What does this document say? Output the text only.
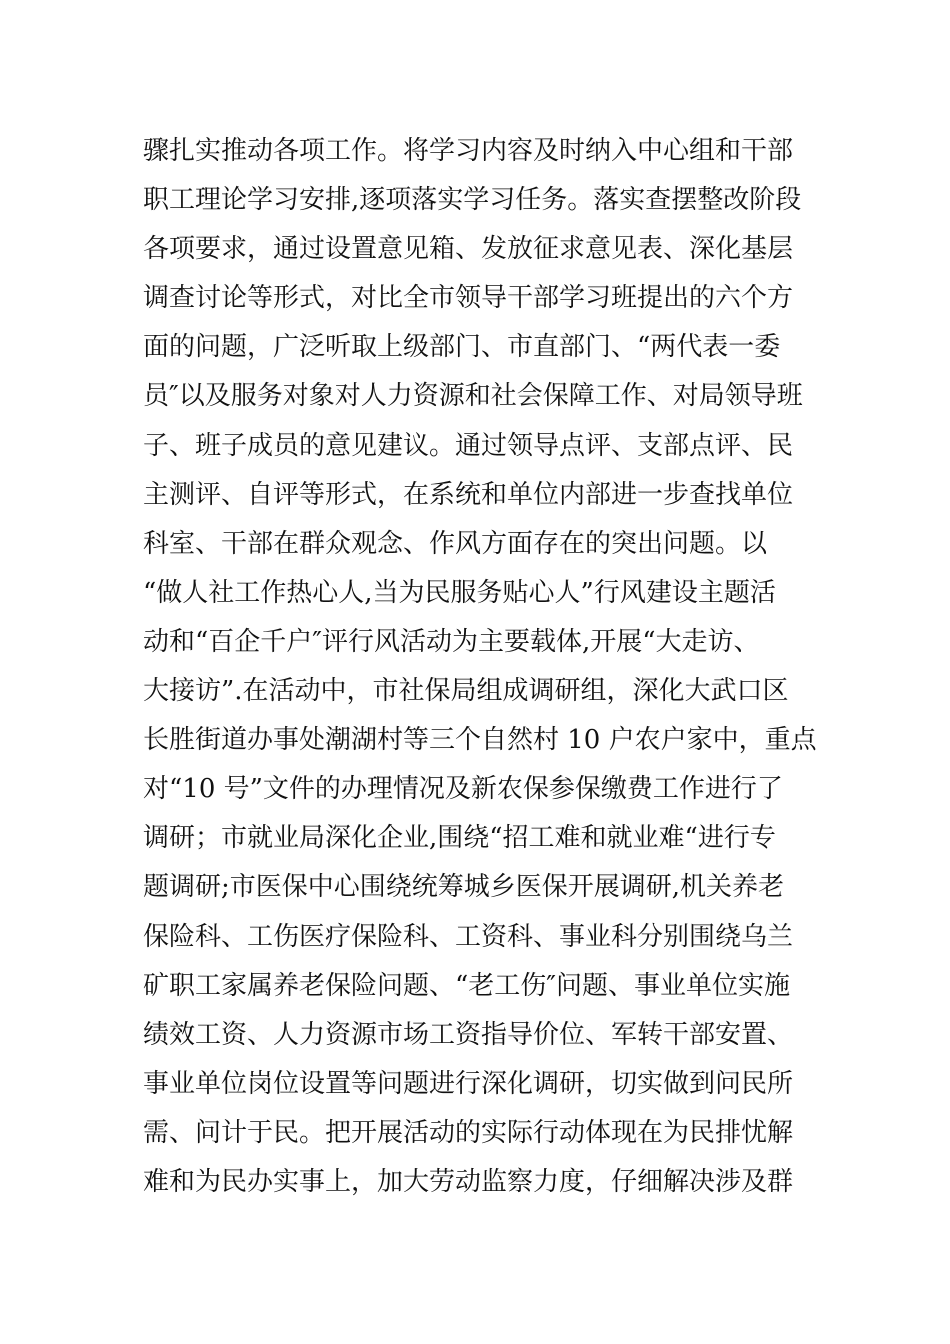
骤扎实推动各项工作。将学习内容及时纳入中心组和干部
职工理论学习安排,逐项落实学习任务。落实查摆整改阶段
各项要求，通过设置意见箱、发放征求意见表、深化基层
调查讨论等形式，对比全市领导干部学习班提出的六个方
面的问题，广泛听取上级部门、市直部门、“两代表一委
员″以及服务对象对人力资源和社会保障工作、对局领导班
子、班子成员的意见建议。通过领导点评、支部点评、民
主测评、自评等形式，在系统和单位内部进一步查找单位
科室、干部在群众观念、作风方面存在的突出问题。以
“做人社工作热心人,当为民服务贴心人”行风建设主题活
动和“百企千户″评行风活动为主要载体,开展“大走访、
大接访”.在活动中，市社保局组成调研组，深化大武口区
长胜街道办事处潮湖村等三个自然村 10 户农户家中，重点
对“10 号”文件的办理情况及新农保参保缴费工作进行了
调研；市就业局深化企业,围绕“招工难和就业难“进行专
题调研;市医保中心围绕统筹城乡医保开展调研,机关养老
保险科、工伤医疗保险科、工资科、事业科分别围绕乌兰
矿职工家属养老保险问题、“老工伤″问题、事业单位实施
绩效工资、人力资源市场工资指导价位、军转干部安置、
事业单位岗位设置等问题进行深化调研，切实做到问民所
需、问计于民。把开展活动的实际行动体现在为民排忧解
难和为民办实事上，加大劳动监察力度，仔细解决涉及群
